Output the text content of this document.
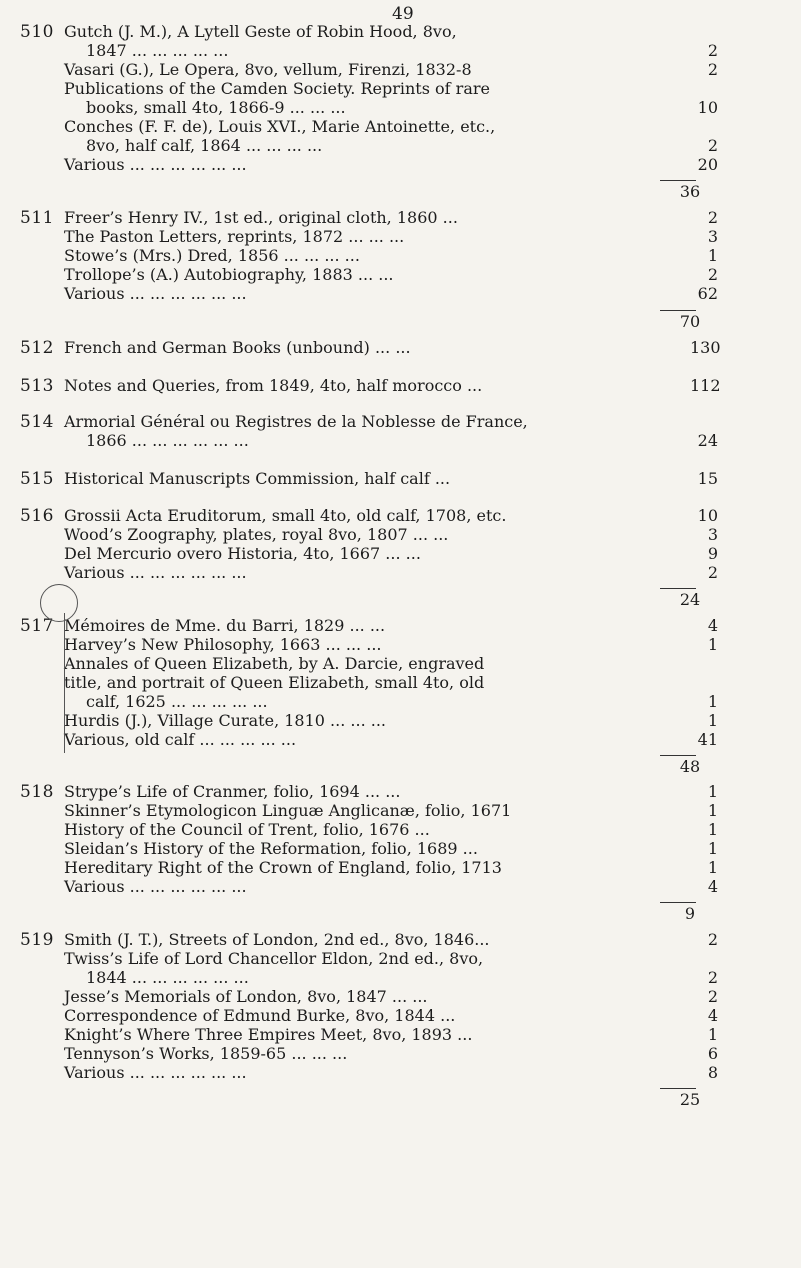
49
510 Gutch (J. M.), A Lytell Geste of Robin Hood, 8vo,
1847 ... ... ... ... ...	2
Vasari (G.), Le Opera, 8vo, vellum, Firenzi, 1832-8	2
Publications of the Camden Society. Reprints of rare
books, small 4to, 1866-9 ... ... ...	10
Conches (F. F. de), Louis XVI., Marie Antoinette, etc.,
8vo, half calf, 1864 ... ... ... ...	2
Various ... ... ... ... ... ...	20
36
511 Freer’s Henry IV., 1st ed., original cloth, 1860 ...	2
The Paston Letters, reprints, 1872 ... ... ...	3
Stowe’s (Mrs.) Dred, 1856 ... ... ... ...	1
Trollope’s (A.) Autobiography, 1883 ... ...	2
Various ... ... ... ... ... ...	62
70
512 French and German Books (unbound) ... ...	130
513 Notes and Queries, from 1849, 4to, half morocco ...	112
514 Armorial Général ou Registres de la Noblesse de France,
1866 ... ... ... ... ... ...	24
515 Historical Manuscripts Commission, half calf ...	15
516 Grossii Acta Eruditorum, small 4to, old calf, 1708, etc.	10
Wood’s Zoography, plates, royal 8vo, 1807 ... ...	3
Del Mercurio overo Historia, 4to, 1667 ... ...	9
Various ... ... ... ... ... ...	2
24
517 Mémoires de Mme. du Barri, 1829 ... ...	4
Harvey’s New Philosophy, 1663 ... ... ...	1
Annales of Queen Elizabeth, by A. Darcie, engraved
title, and portrait of Queen Elizabeth, small 4to, old
calf, 1625 ... ... ... ... ...	1
Hurdis (J.), Village Curate, 1810 ... ... ...	1
Various, old calf ... ... ... ... ...	41
48
518 Strype’s Life of Cranmer, folio, 1694 ... ...	1
Skinner’s Etymologicon Linguæ Anglicanæ, folio, 1671	1
History of the Council of Trent, folio, 1676 ...	1
Sleidan’s History of the Reformation, folio, 1689 ...	1
Hereditary Right of the Crown of England, folio, 1713	1
Various ... ... ... ... ... ...	4
9
519 Smith (J. T.), Streets of London, 2nd ed., 8vo, 1846...	2
Twiss’s Life of Lord Chancellor Eldon, 2nd ed., 8vo,
1844 ... ... ... ... ... ...	2
Jesse’s Memorials of London, 8vo, 1847 ... ...	2
Correspondence of Edmund Burke, 8vo, 1844 ...	4
Knight’s Where Three Empires Meet, 8vo, 1893 ...	1
Tennyson’s Works, 1859-65 ... ... ...	6
Various ... ... ... ... ... ...	8
25
